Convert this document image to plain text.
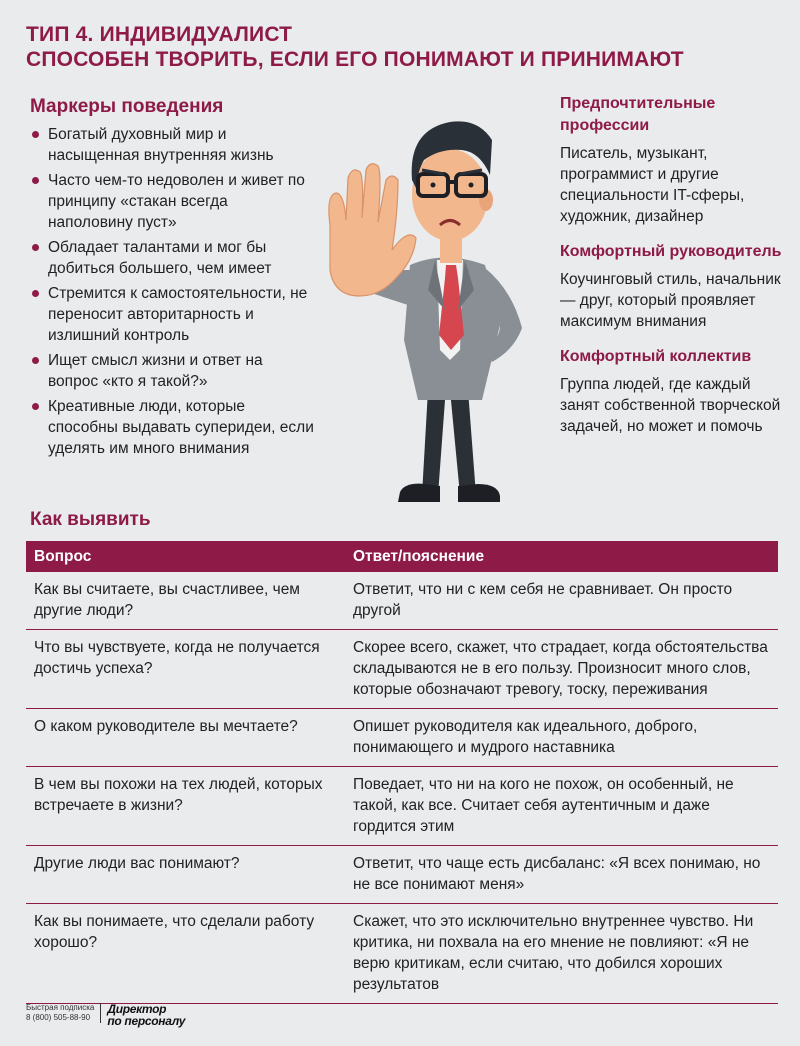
ТИП 4. ИНДИВИДУАЛИСТ
СПОСОБЕН ТВОРИТЬ, ЕСЛИ ЕГО ПОНИМАЮТ И ПРИНИМАЮТ
Маркеры поведения
Богатый духовный мир и насыщенная внутренняя жизнь
Часто чем-то недоволен и живет по принципу «стакан всегда наполовину пуст»
Обладает талантами и мог бы добиться большего, чем имеет
Стремится к самостоятельности, не переносит авторитарность и излишний контроль
Ищет смысл жизни и ответ на вопрос «кто я такой?»
Креативные люди, которые способны выдавать суперидеи, если уделять им много внимания
Предпочтительные профессии
Писатель, музыкант, программист и другие специальности IT-сферы, художник, дизайнер
Комфортный руководитель
Коучинговый стиль, начальник — друг, который проявляет максимум внимания
Комфортный коллектив
Группа людей, где каждый занят собственной творческой задачей, но может и помочь
Как выявить
Вопрос	Ответ/пояснение
Как вы считаете, вы счастливее, чем другие люди?	Ответит, что ни с кем себя не сравнивает. Он просто другой
Что вы чувствуете, когда не получается достичь успеха?	Скорее всего, скажет, что страдает, когда обстоятельства складываются не в его пользу. Произносит много слов, которые обозначают тревогу, тоску, переживания
О каком руководителе вы мечтаете?	Опишет руководителя как идеального, доброго, понимающего и мудрого наставника
В чем вы похожи на тех людей, которых встречаете в жизни?	Поведает, что ни на кого не похож, он особенный, не такой, как все. Считает себя аутентичным и даже гордится этим
Другие люди вас понимают?	Ответит, что чаще есть дисбаланс: «Я всех понимаю, но не все понимают меня»
Как вы понимаете, что сделали работу хорошо?	Скажет, что это исключительно внутреннее чувство. Ни критика, ни похвала на его мнение не повлияют: «Я не верю критикам, если считаю, что добился хороших результатов
Быстрая подписка
8 (800) 505-88-90
Директор
по персоналу
